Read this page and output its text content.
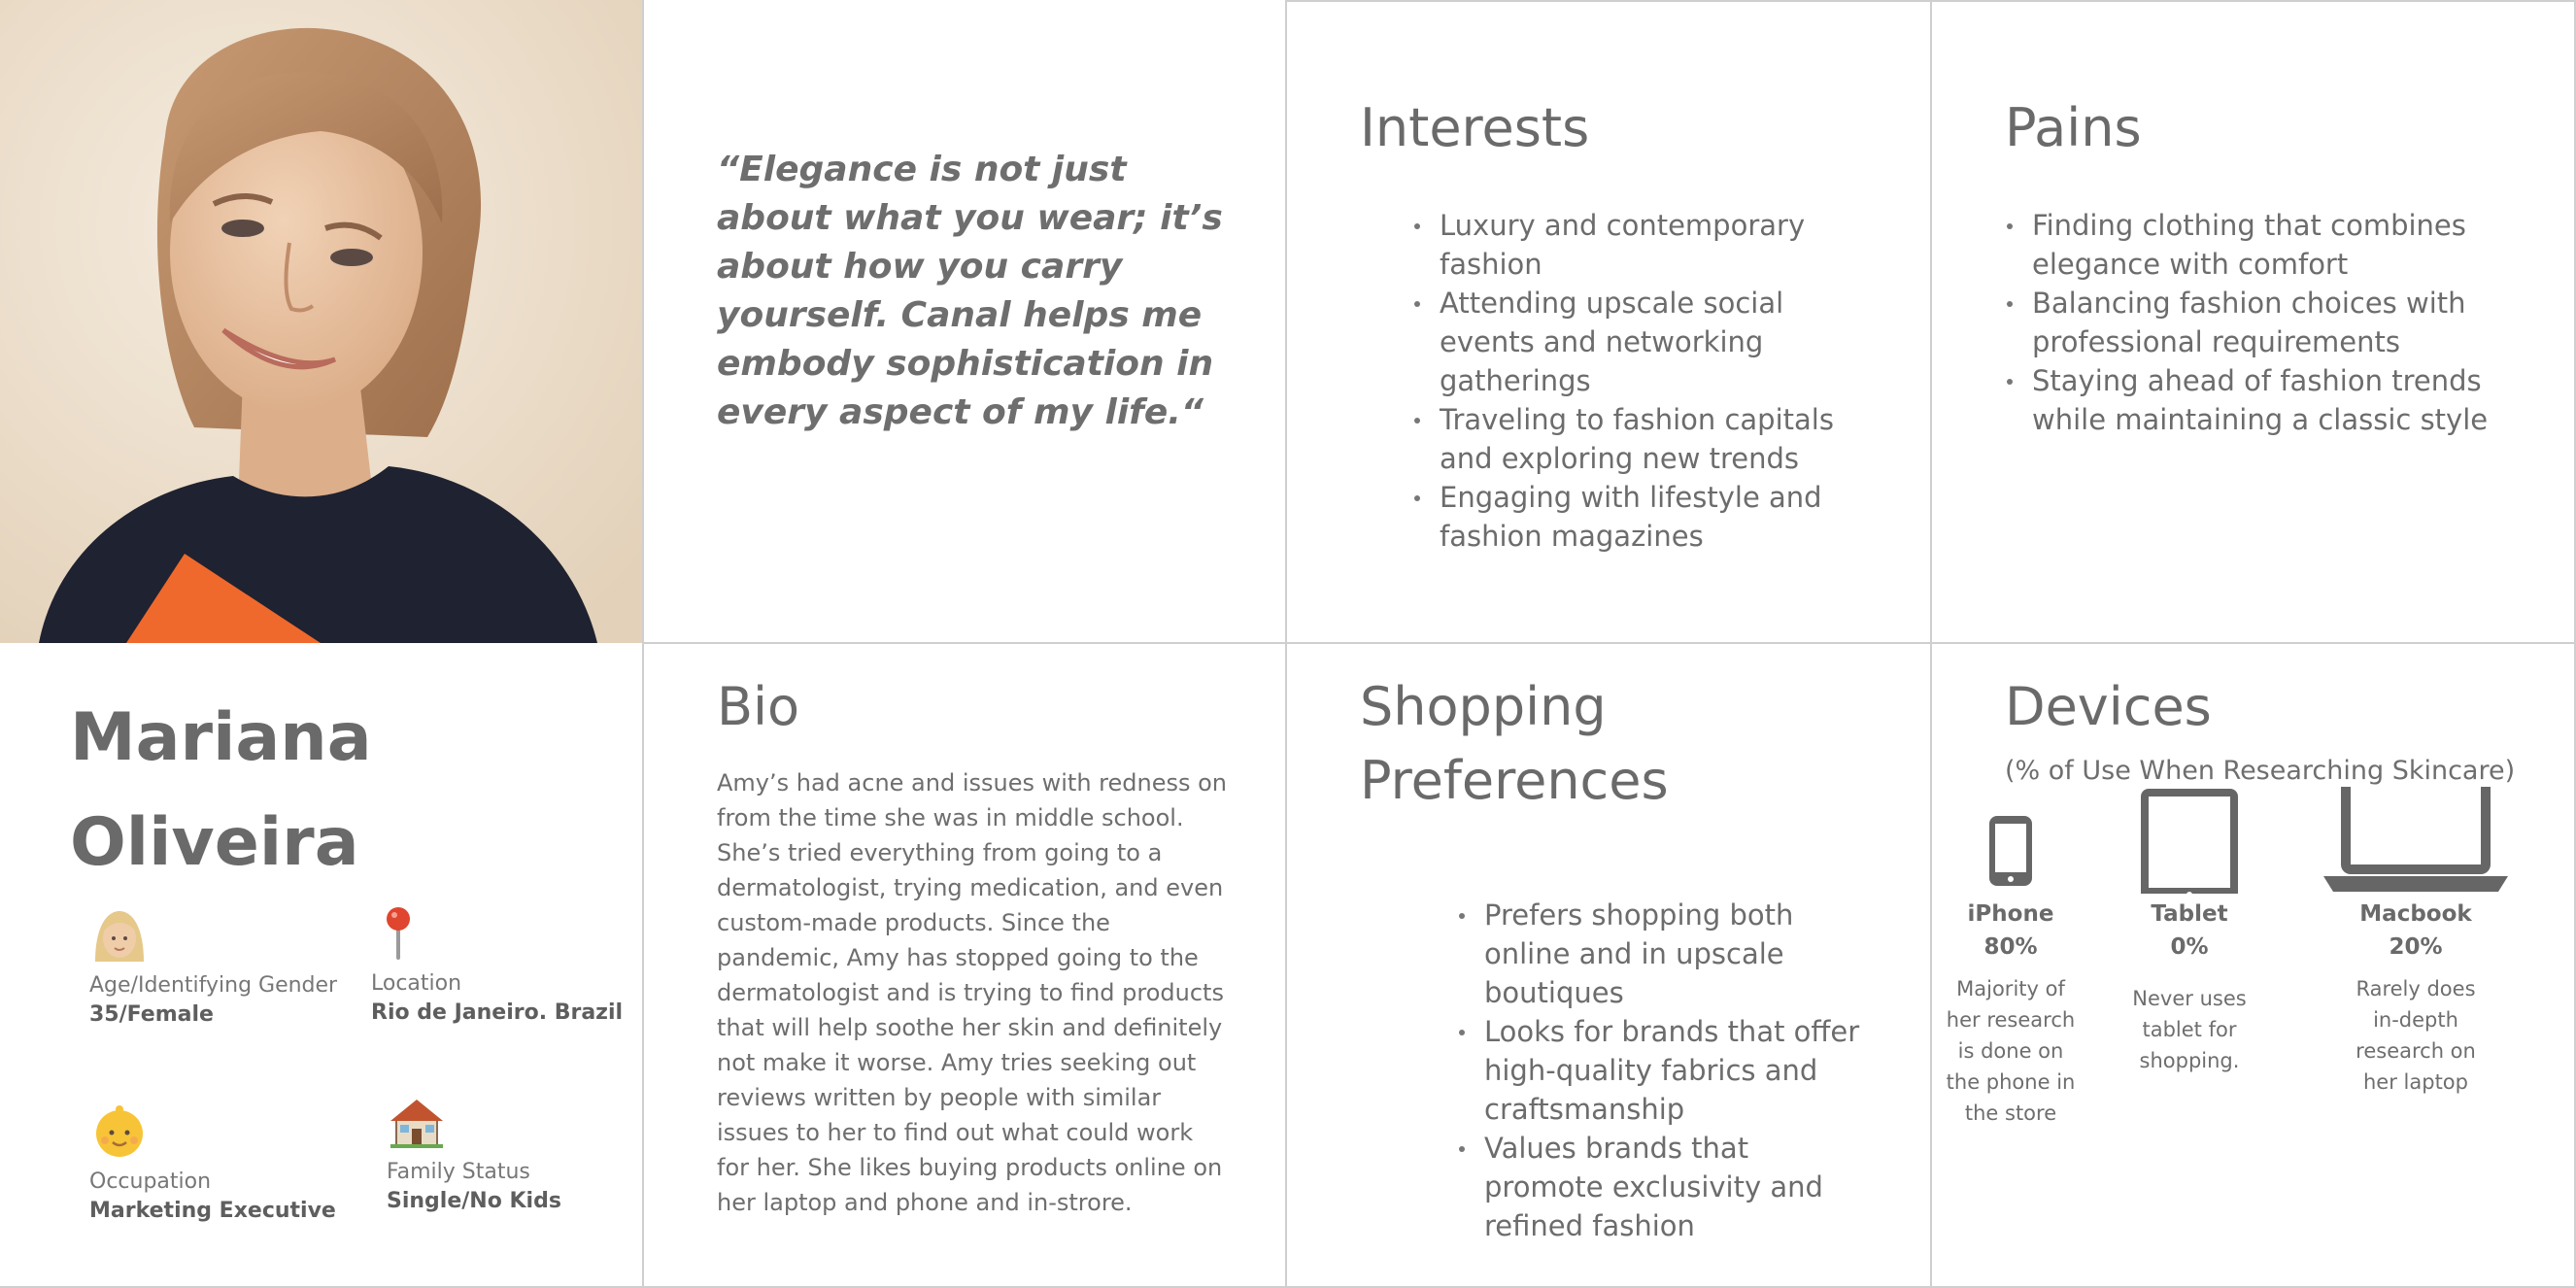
“Elegance is not just about what you wear; it’s about how you carry yourself. Canal helps me embody sophistication in every aspect of my life.“

Interests
Luxury and contemporary fashion
Attending upscale social events and networking gatherings
Traveling to fashion capitals and exploring new trends
Engaging with lifestyle and fashion magazines
Pains
Finding clothing that combines elegance with comfort
Balancing fashion choices with professional requirements
Staying ahead of fashion trends while maintaining a classic style
Mariana
Oliveira
Age/Identifying Gender
35/Female
Location
Rio de Janeiro. Brazil
Occupation
Marketing Executive
Family Status
Single/No Kids
Bio

Amy’s had acne and issues with redness on from the time she was in middle school. She’s tried everything from going to a dermatologist, trying medication, and even custom-made products. Since the pandemic, Amy has stopped going to the dermatologist and is trying to find products that will help soothe her skin and definitely not make it worse. Amy tries seeking out reviews written by people with similar issues to her to find out what could work for her. She likes buying products online on her laptop and phone and in-strore.

Shopping
Preferences
Prefers shopping both online and in upscale boutiques
Looks for brands that offer high-quality fabrics and craftsmanship
Values brands that promote exclusivity and refined fashion
Devices
(% of Use When Researching Skincare)
iPhone
80%
Majority of her research is done on the phone in the store
Tablet
0%
Never uses tablet for shopping.
Macbook
20%
Rarely does in-depth research on her laptop
